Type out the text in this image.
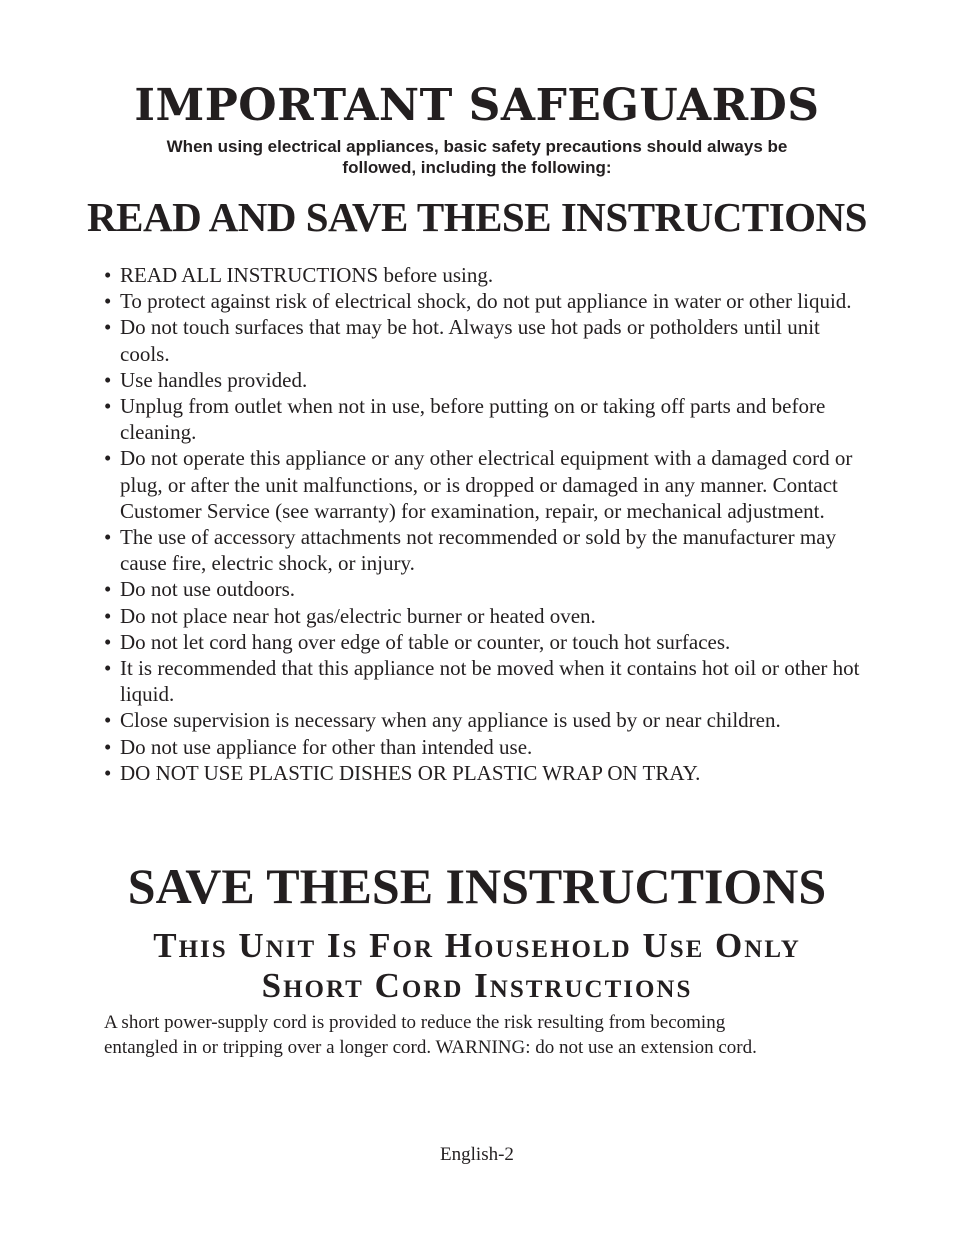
IMPORTANT SAFEGUARDS
When using electrical appliances, basic safety precautions should always be
followed, including the following:
READ AND SAVE THESE INSTRUCTIONS
• READ ALL INSTRUCTIONS before using.
• To protect against risk of electrical shock, do not put appliance in water or other liquid.
• Do not touch surfaces that may be hot. Always use hot pads or potholders until unit cools.
• Use handles provided.
• Unplug from outlet when not in use, before putting on or taking off parts and before cleaning.
• Do not operate this appliance or any other electrical equipment with a damaged cord or plug, or after the unit malfunctions, or is dropped or damaged in any manner. Contact Customer Service (see warranty) for examination, repair, or mechanical adjustment.
• The use of accessory attachments not recommended or sold by the manufacturer may cause fire, electric shock, or injury.
• Do not use outdoors.
• Do not place near hot gas/electric burner or heated oven.
• Do not let cord hang over edge of table or counter, or touch hot surfaces.
• It is recommended that this appliance not be moved when it contains hot oil or other hot liquid.
• Close supervision is necessary when any appliance is used by or near children.
• Do not use appliance for other than intended use.
• DO NOT USE PLASTIC DISHES OR PLASTIC WRAP ON TRAY.
SAVE THESE INSTRUCTIONS
This Unit Is For Household Use Only
Short Cord Instructions
A short power-supply cord is provided to reduce the risk resulting from becoming
entangled in or tripping over a longer cord. WARNING: do not use an extension cord.
English-2
